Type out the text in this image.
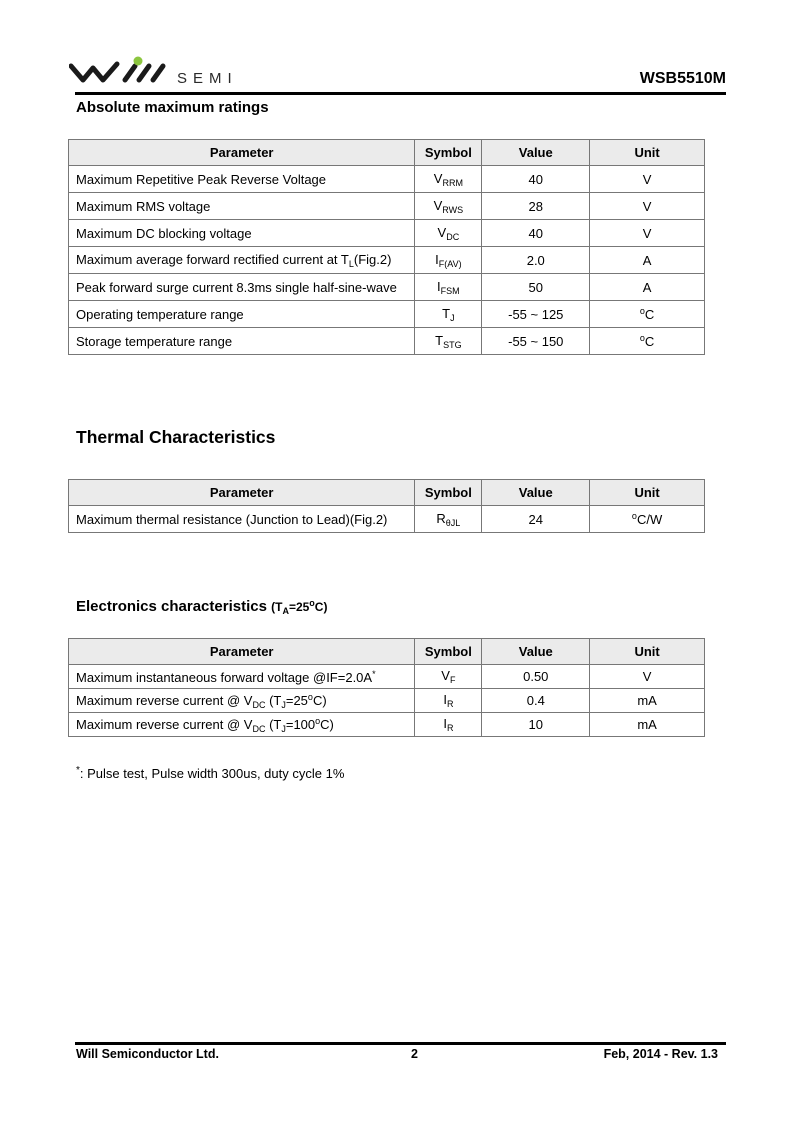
SEMI	WSB5510M
Absolute maximum ratings
Parameter	Symbol	Value	Unit
Maximum Repetitive Peak Reverse Voltage	$V_{RRM}$	40	V
Maximum RMS voltage	$V_{RWS}$	28	V
Maximum DC blocking voltage	$V_{DC}$	40	V
Maximum average forward rectified current at $T_L(Fig.2)$	$I_{F(AV)}$	2.0	A
Peak forward surge current 8.3ms single half-sine-wave	$I_{FSM}$	50	A
Operating temperature range	$T_J$	-55 ~ 125	$^o$C
Storage temperature range	$T_{STG}$	-55 ~ 150	$^o$C
Thermal Characteristics
Parameter	Symbol	Value	Unit
Maximum thermal resistance (Junction to Lead)(Fig.2)	$R_{\theta JL}$	24	$^o$C/W
Electronics characteristics $(T_A=25^oC)$
Parameter	Symbol	Value	Unit
Maximum instantaneous forward voltage @IF=2.0A*	$V_F$	0.50	V
Maximum reverse current @ $V_{DC}$ $(T_J=25^oC)$	$I_R$	0.4	mA
Maximum reverse current @ $V_{DC}$ $(T_J=100^oC)$	$I_R$	10	mA
*: Pulse test, Pulse width 300us, duty cycle 1%
Will Semiconductor Ltd.	2	Feb, 2014 - Rev. 1.3
